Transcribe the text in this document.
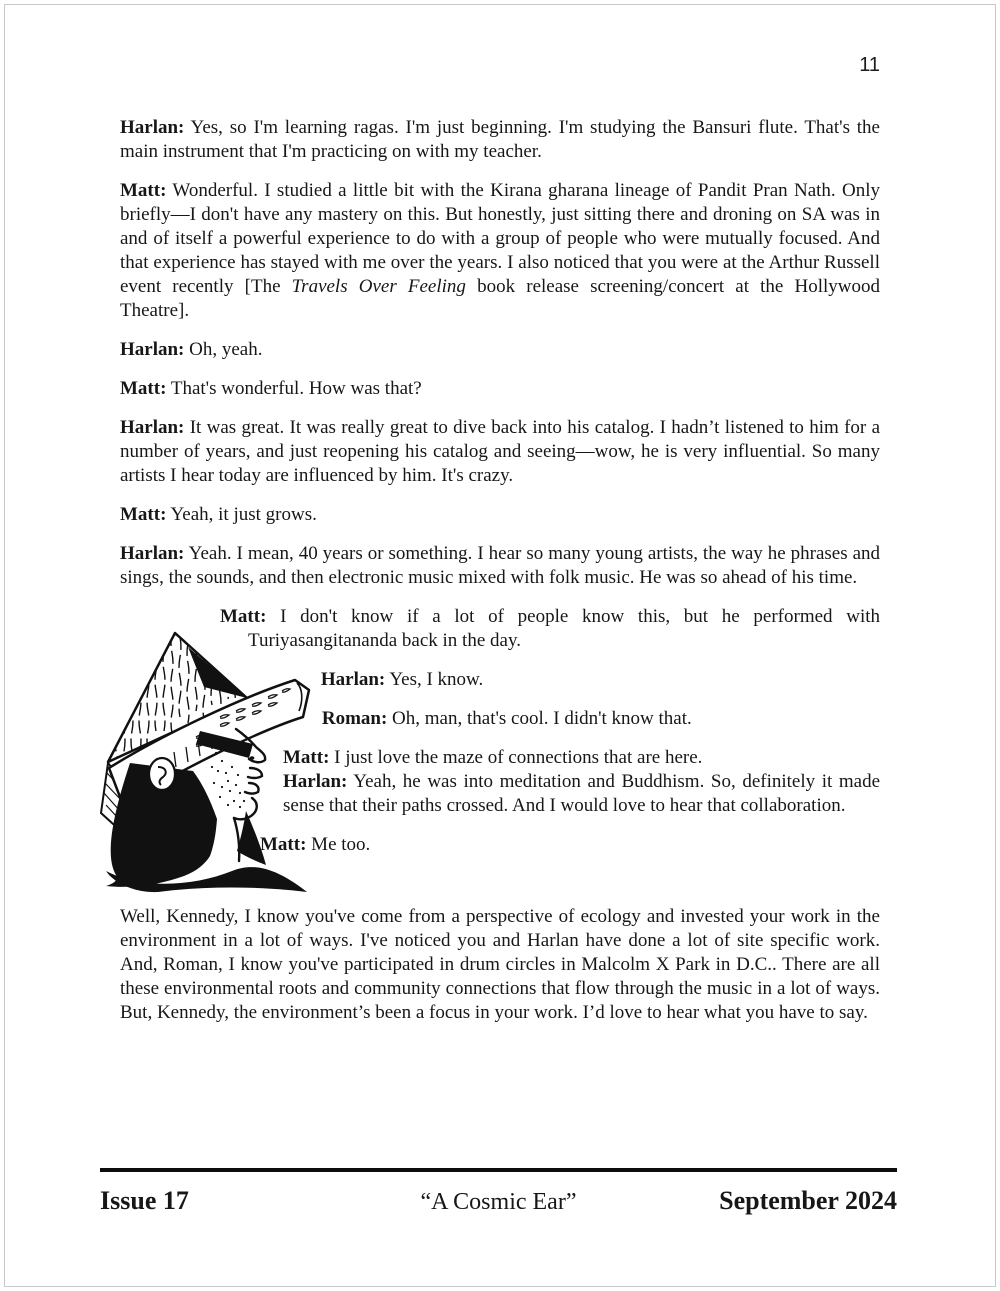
11

Harlan: Yes, so I'm learning ragas. I'm just beginning. I'm studying the Bansuri flute. That's the main instrument that I'm practicing on with my teacher.

Matt: Wonderful. I studied a little bit with the Kirana gharana lineage of Pandit Pran Nath. Only briefly—I don't have any mastery on this. But honestly, just sitting there and droning on SA was in and of itself a powerful experience to do with a group of people who were mutually focused. And that experience has stayed with me over the years. I also noticed that you were at the Arthur Russell event recently [The Travels Over Feeling book release screening/concert at the Hollywood Theatre].

Harlan: Oh, yeah.

Matt: That's wonderful. How was that?

Harlan: It was great. It was really great to dive back into his catalog. I hadn’t listened to him for a number of years, and just reopening his catalog and seeing—wow, he is very influential. So many artists I hear today are influenced by him. It's crazy.

Matt: Yeah, it just grows.

Harlan: Yeah. I mean, 40 years or something. I hear so many young artists, the way he phrases and sings, the sounds, and then electronic music mixed with folk music. He was so ahead of his time.

Matt: I don't know if a lot of people know this, but he performed with Turiyasangitananda back in the day.

Harlan: Yes, I know.

Roman: Oh, man, that's cool. I didn't know that.

Matt: I just love the maze of connections that are here.

Harlan: Yeah, he was into meditation and Buddhism. So, definitely it made sense that their paths crossed. And I would love to hear that collaboration.

Matt: Me too.

Well, Kennedy, I know you've come from a perspective of ecology and invested your work in the environment in a lot of ways. I've noticed you and Harlan have done a lot of site specific work. And, Roman, I know you've participated in drum circles in Malcolm X Park in D.C.. There are all these environmental roots and community connections that flow through the music in a lot of ways. But, Kennedy, the environment’s been a focus in your work. I’d love to hear what you have to say.

Issue 17	“A Cosmic Ear”	September 2024
